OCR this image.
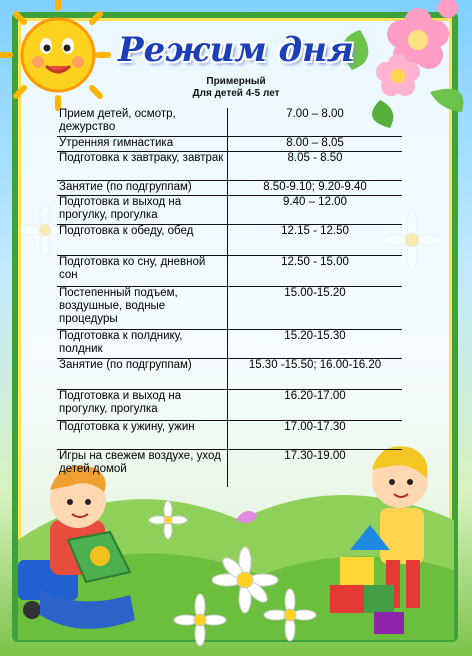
Режим дня
Примерный
Для детей 4-5 лет
Прием детей, осмотр, дежурство	7.00 – 8.00
Утренняя гимнастика	8.00 – 8.05
Подготовка к завтраку, завтрак	8.05 - 8.50
Занятие (по подгруппам)	8.50-9.10; 9.20-9.40
Подготовка и выход на прогулку, прогулка	9.40 – 12.00
Подготовка к обеду, обед	12.15 - 12.50
Подготовка ко сну, дневной сон	12.50 - 15.00
Постепенный подъем, воздушные, водные процедуры	15.00-15.20
Подготовка к полднику, полдник	15.20-15.30
Занятие (по подгруппам)	15.30 -15.50; 16.00-16.20
Подготовка и выход на прогулку, прогулка	16.20-17.00
Подготовка к ужину, ужин	17.00-17.30
Игры на свежем воздухе, уход детей домой	17.30-19.00
